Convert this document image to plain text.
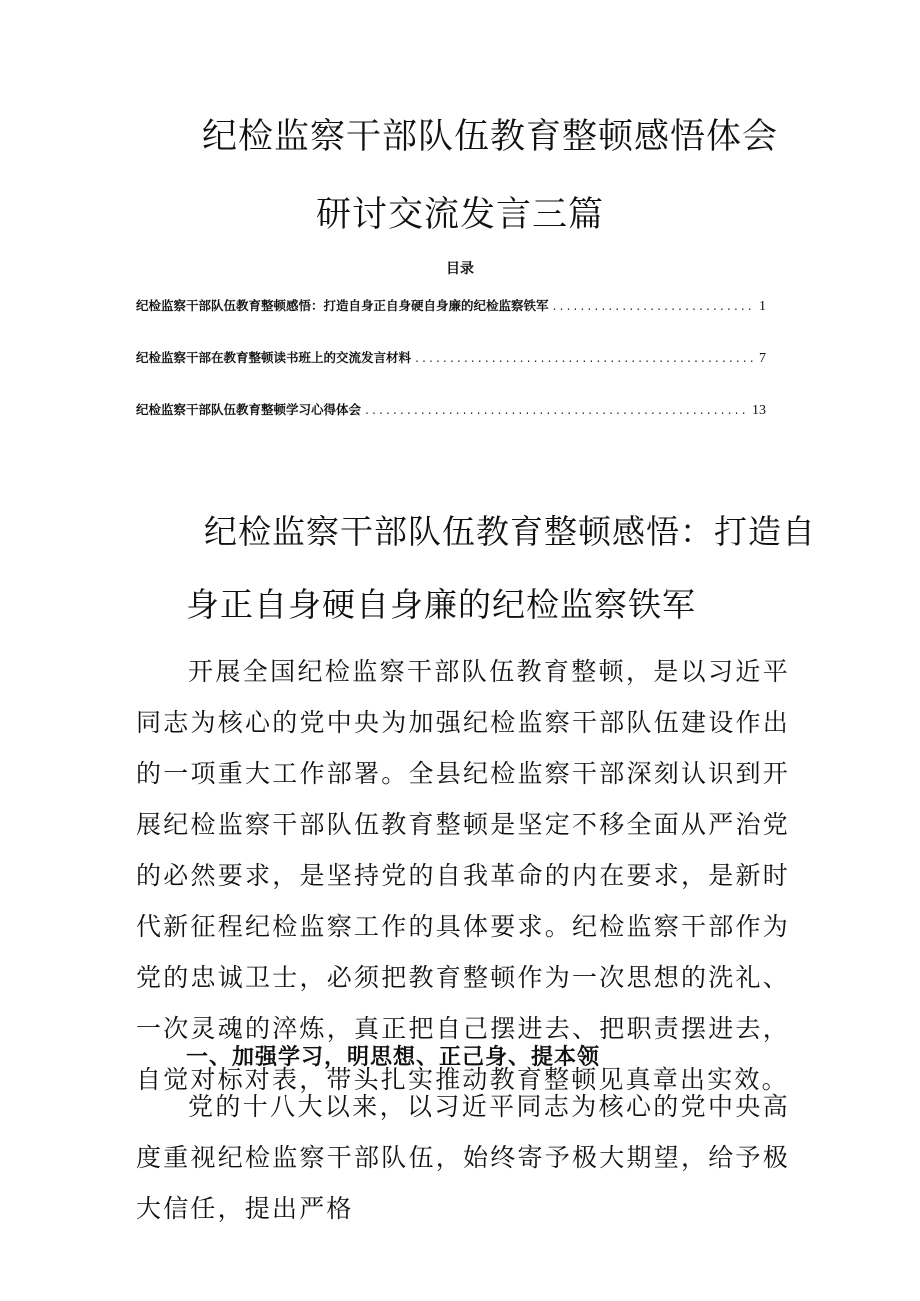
纪检监察干部队伍教育整顿感悟体会
研讨交流发言三篇
目录
纪检监察干部队伍教育整顿感悟：打造自身正自身硬自身廉的纪检监察铁军 .....	1
纪检监察干部在教育整顿读书班上的交流发言材料 .....	7
纪检监察干部队伍教育整顿学习心得体会 .....	13
纪检监察干部队伍教育整顿感悟：打造自
身正自身硬自身廉的纪检监察铁军

开展全国纪检监察干部队伍教育整顿，是以习近平同志为核心的党中央为加强纪检监察干部队伍建设作出的一项重大工作部署。全县纪检监察干部深刻认识到开展纪检监察干部队伍教育整顿是坚定不移全面从严治党的必然要求，是坚持党的自我革命的内在要求，是新时代新征程纪检监察工作的具体要求。纪检监察干部作为党的忠诚卫士，必须把教育整顿作为一次思想的洗礼、一次灵魂的淬炼，真正把自己摆进去、把职责摆进去，自觉对标对表，带头扎实推动教育整顿见真章出实效。

一、加强学习，明思想、正己身、提本领

党的十八大以来，以习近平同志为核心的党中央高度重视纪检监察干部队伍，始终寄予极大期望，给予极大信任，提出严格
